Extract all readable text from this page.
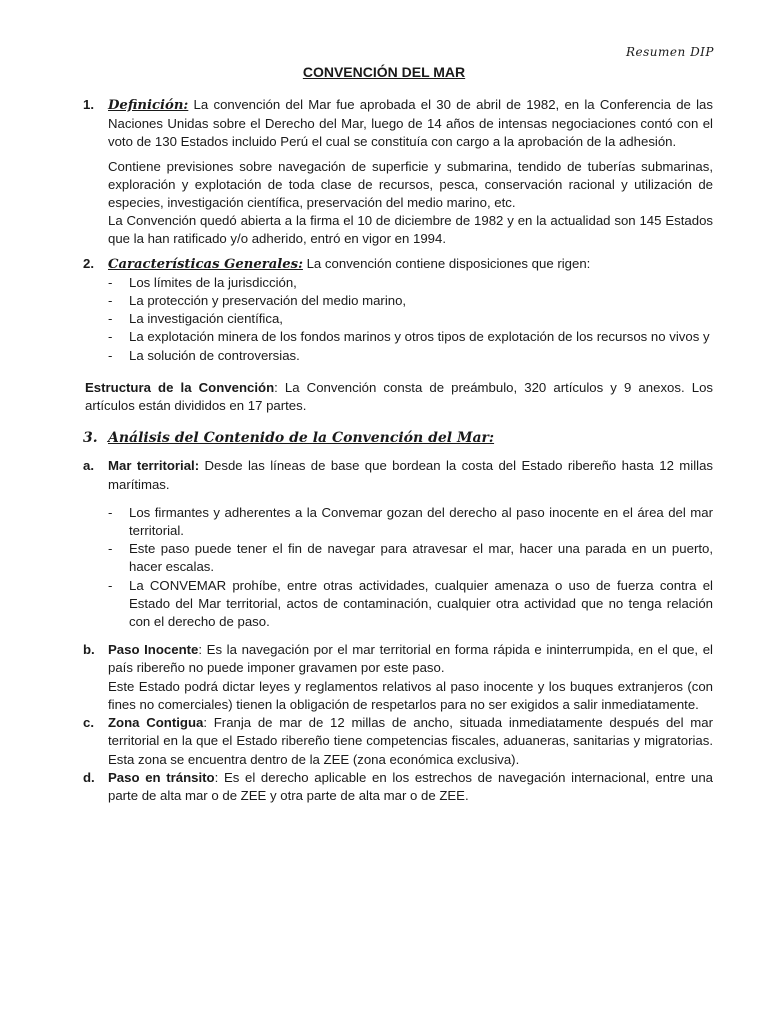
Resumen DIP
CONVENCIÓN DEL MAR
1.	Definición: La convención del Mar fue aprobada el 30 de abril de 1982, en la Conferencia de las Naciones Unidas sobre el Derecho del Mar, luego de 14 años de intensas negociaciones contó con el voto de 130 Estados incluido Perú el cual se constituía con cargo a la aprobación de la adhesión.

Contiene previsiones sobre navegación de superficie y submarina, tendido de tuberías submarinas, exploración y explotación de toda clase de recursos, pesca, conservación racional y utilización de especies, investigación científica, preservación del medio marino, etc.

La Convención quedó abierta a la firma el 10 de diciembre de 1982 y en la actualidad son 145 Estados que la han ratificado y/o adherido, entró en vigor en 1994.

2.	Características Generales: La convención contiene disposiciones que rigen:

- Los límites de la jurisdicción,
- La protección y preservación del medio marino,
- La investigación científica,
- La explotación minera de los fondos marinos y otros tipos de explotación de los recursos no vivos y
- La solución de controversias.

Estructura de la Convención: La Convención consta de preámbulo, 320 artículos y 9 anexos. Los artículos están divididos en 17 partes.

3. Análisis del Contenido de la Convención del Mar:
a.	Mar territorial: Desde las líneas de base que bordean la costa del Estado ribereño hasta 12 millas marítimas.

- Los firmantes y adherentes a la Convemar gozan del derecho al paso inocente en el área del mar territorial.
- Este paso puede tener el fin de navegar para atravesar el mar, hacer una parada en un puerto, hacer escalas.
- La CONVEMAR prohíbe, entre otras actividades, cualquier amenaza o uso de fuerza contra el Estado del Mar territorial, actos de contaminación, cualquier otra actividad que no tenga relación con el derecho de paso.
b.	Paso Inocente: Es la navegación por el mar territorial en forma rápida e ininterrumpida, en el que, el país ribereño no puede imponer gravamen por este paso.

Este Estado podrá dictar leyes y reglamentos relativos al paso inocente y los buques extranjeros (con fines no comerciales) tienen la obligación de respetarlos para no ser exigidos a salir inmediatamente.

c.	Zona Contigua: Franja de mar de 12 millas de ancho, situada inmediatamente después del mar territorial en la que el Estado ribereño tiene competencias fiscales, aduaneras, sanitarias y migratorias. Esta zona se encuentra dentro de la ZEE (zona económica exclusiva).

d.	Paso en tránsito: Es el derecho aplicable en los estrechos de navegación internacional, entre una parte de alta mar o de ZEE y otra parte de alta mar o de ZEE.
